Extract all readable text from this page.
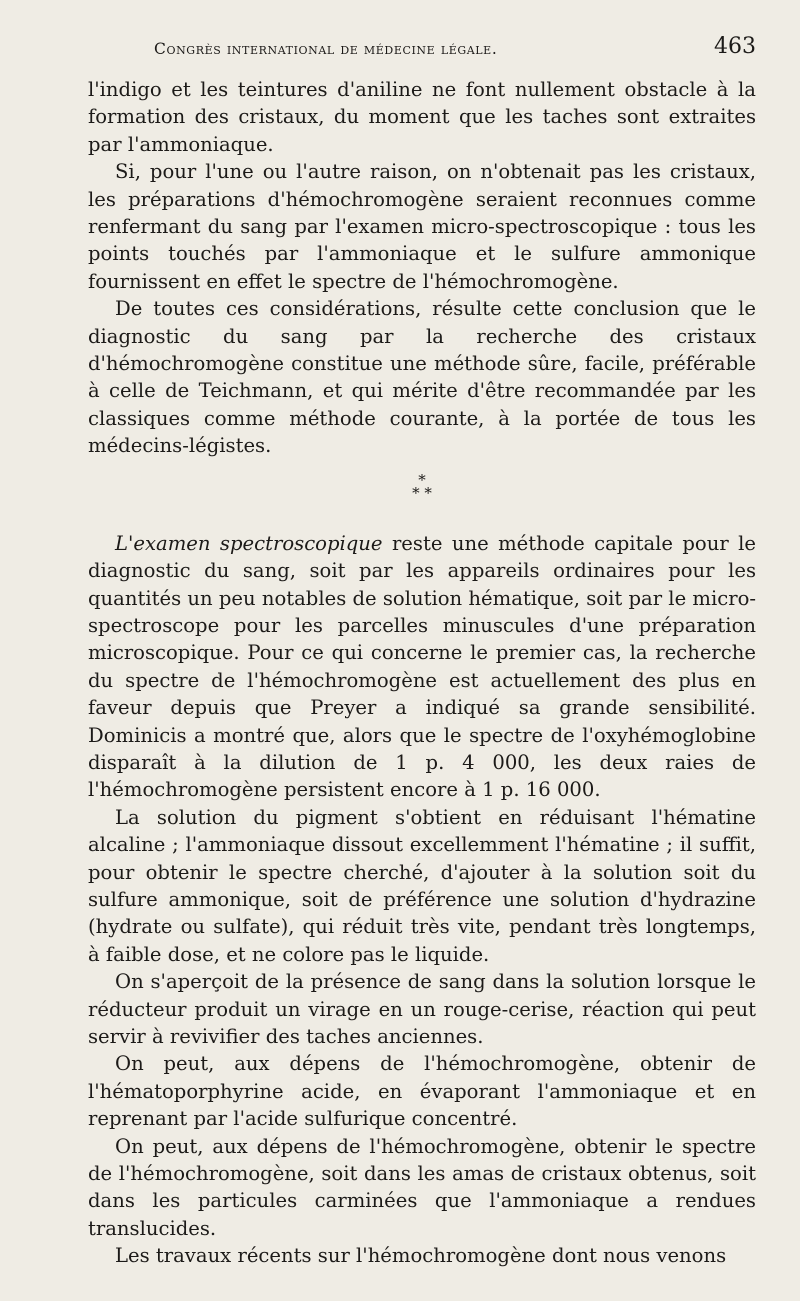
Congrès international de médecine légale.	463

l'indigo et les teintures d'aniline ne font nullement obstacle à la formation des cristaux, du moment que les taches sont extraites par l'ammoniaque.

Si, pour l'une ou l'autre raison, on n'obtenait pas les cristaux, les préparations d'hémochromogène seraient reconnues comme renfermant du sang par l'examen micro-spectroscopique : tous les points touchés par l'ammoniaque et le sulfure ammonique fournissent en effet le spectre de l'hémochromogène.

De toutes ces considérations, résulte cette conclusion que le diagnostic du sang par la recherche des cristaux d'hémochromogène constitue une méthode sûre, facile, préférable à celle de Teichmann, et qui mérite d'être recommandée par les classiques comme méthode courante, à la portée de tous les médecins-légistes.

*
* *

L'examen spectroscopique reste une méthode capitale pour le diagnostic du sang, soit par les appareils ordinaires pour les quantités un peu notables de solution hématique, soit par le micro-spectroscope pour les parcelles minuscules d'une préparation microscopique. Pour ce qui concerne le premier cas, la recherche du spectre de l'hémochromogène est actuellement des plus en faveur depuis que Preyer a indiqué sa grande sensibilité. Dominicis a montré que, alors que le spectre de l'oxyhémoglobine disparaît à la dilution de 1 p. 4 000, les deux raies de l'hémochromogène persistent encore à 1 p. 16 000.

La solution du pigment s'obtient en réduisant l'hématine alcaline ; l'ammoniaque dissout excellemment l'hématine ; il suffit, pour obtenir le spectre cherché, d'ajouter à la solution soit du sulfure ammonique, soit de préférence une solution d'hydrazine (hydrate ou sulfate), qui réduit très vite, pendant très longtemps, à faible dose, et ne colore pas le liquide.

On s'aperçoit de la présence de sang dans la solution lorsque le réducteur produit un virage en un rouge-cerise, réaction qui peut servir à revivifier des taches anciennes.

On peut, aux dépens de l'hémochromogène, obtenir de l'hématoporphyrine acide, en évaporant l'ammoniaque et en reprenant par l'acide sulfurique concentré.

On peut, aux dépens de l'hémochromogène, obtenir le spectre de l'hémochromogène, soit dans les amas de cristaux obtenus, soit dans les particules carminées que l'ammoniaque a rendues translucides.

Les travaux récents sur l'hémochromogène dont nous venons
